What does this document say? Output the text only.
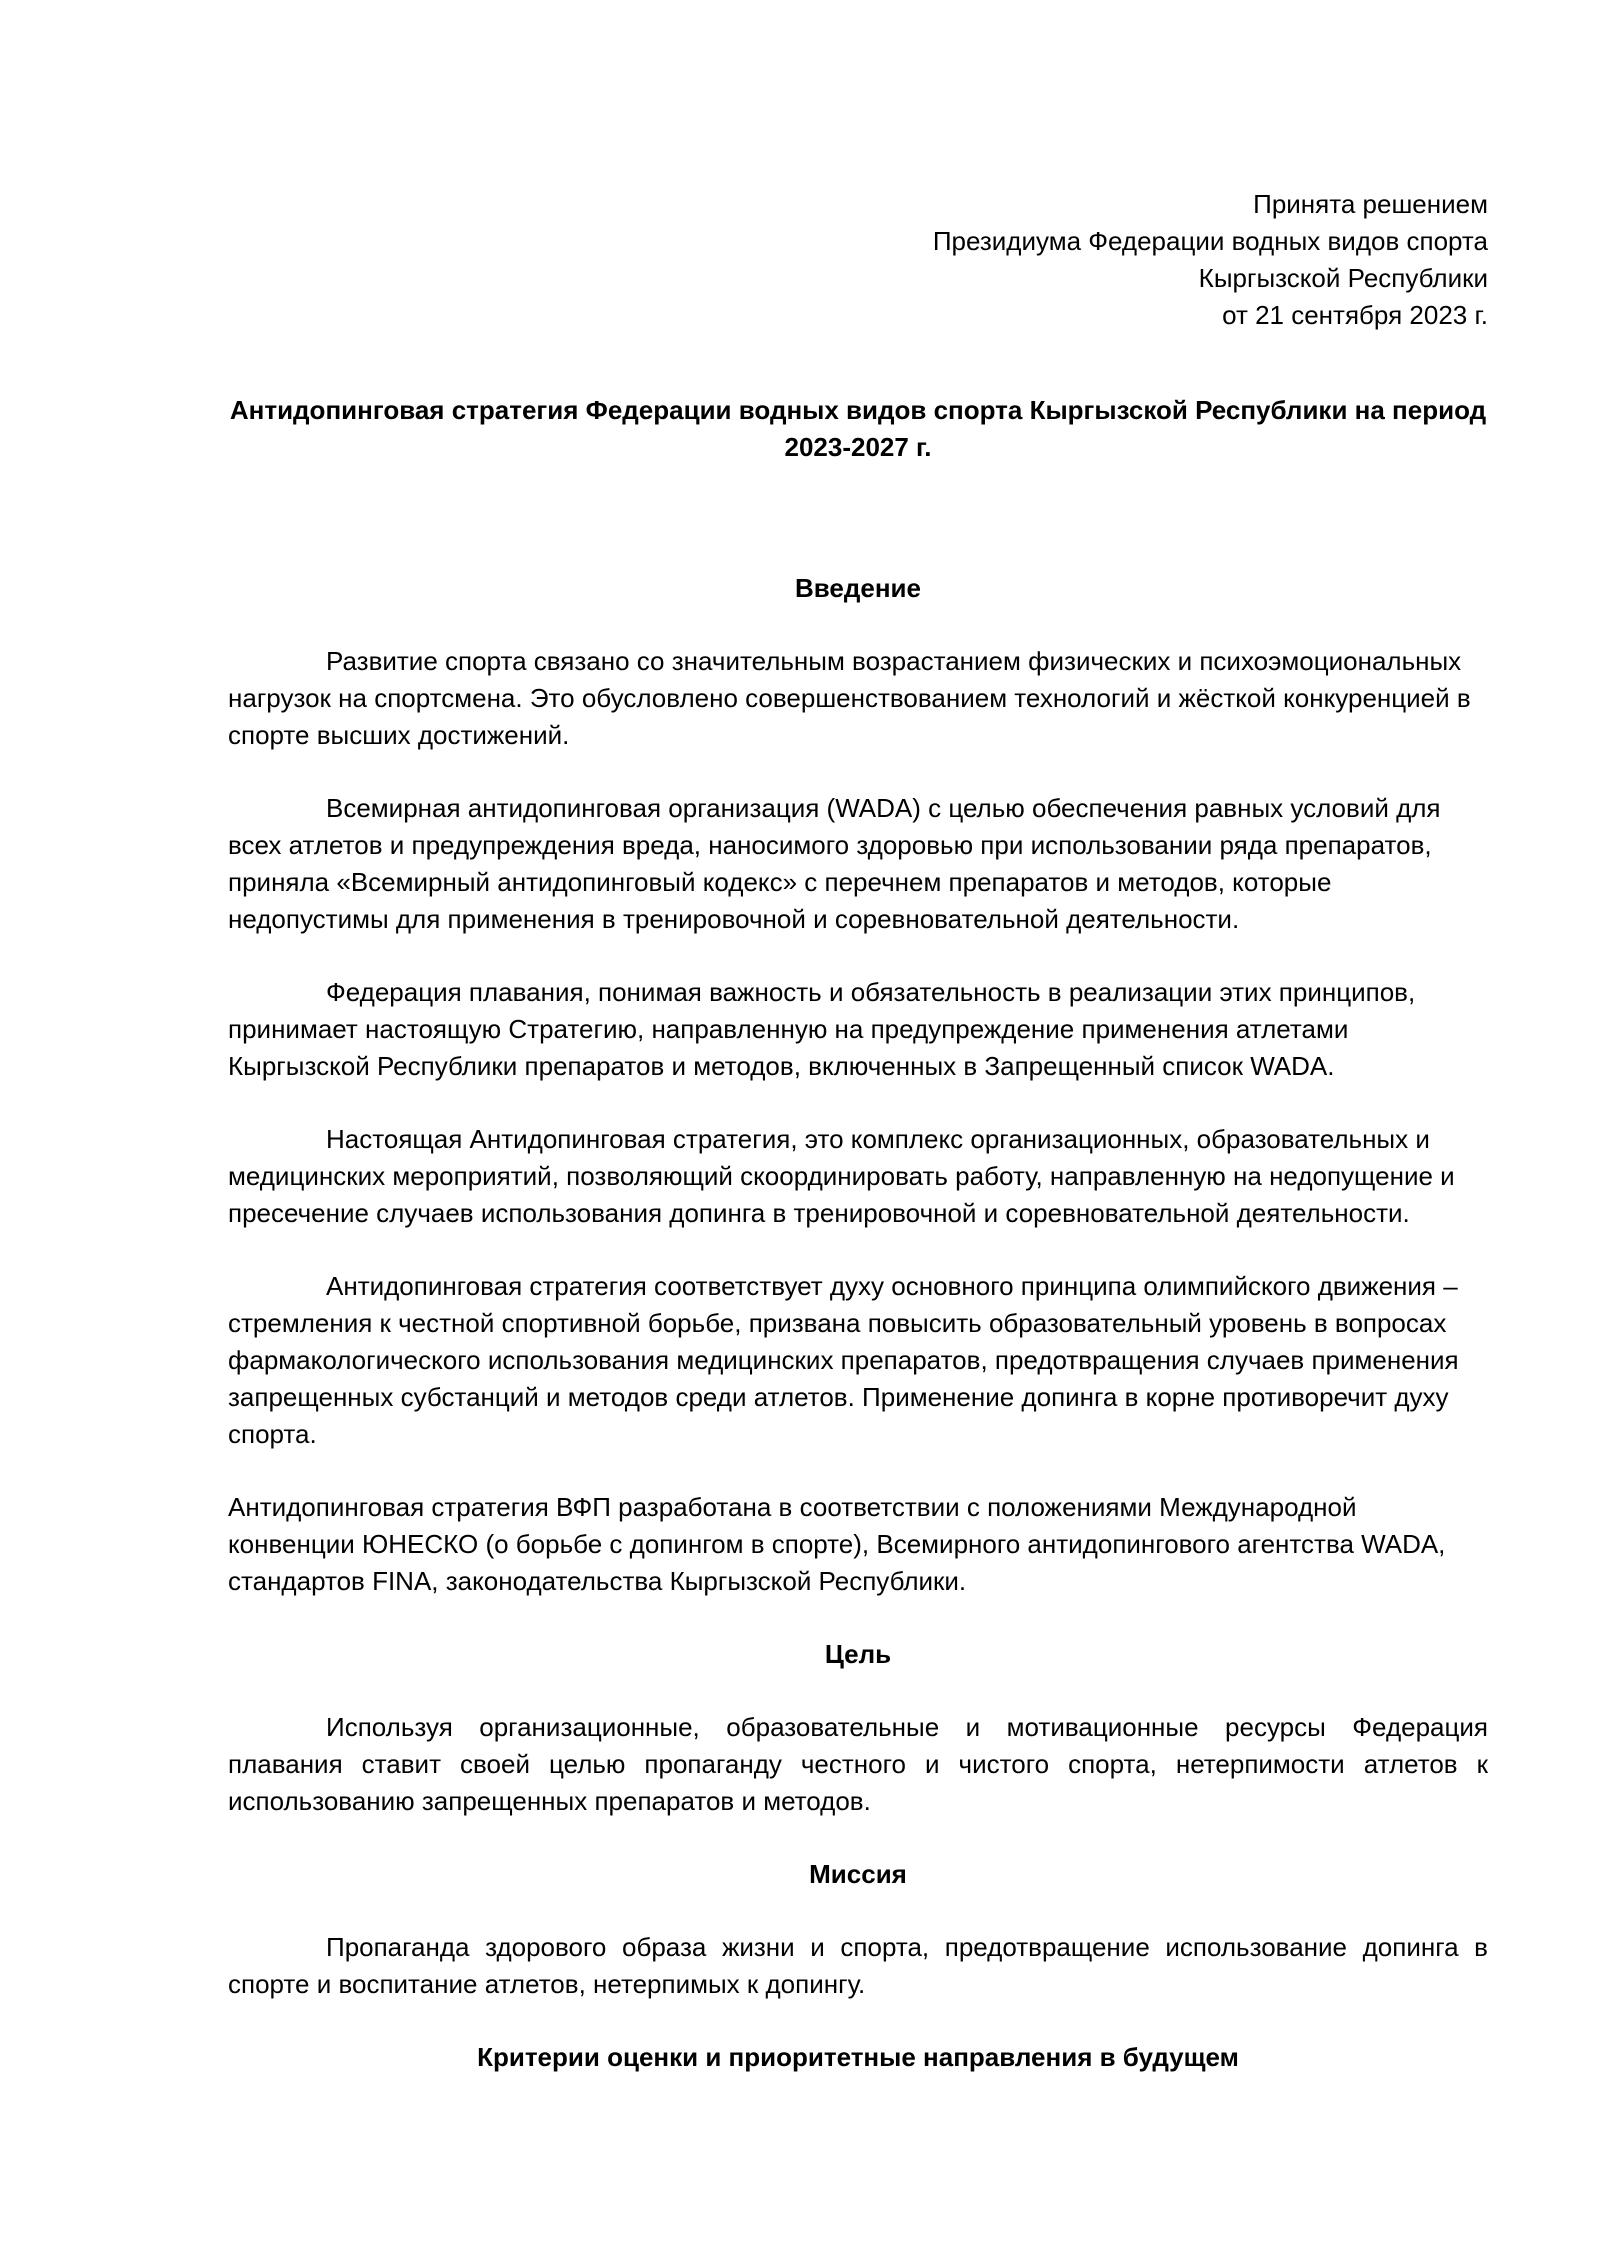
Принята решением
Президиума Федерации водных видов спорта
Кыргызской Республики
от 21 сентября 2023 г.
Антидопинговая стратегия Федерации водных видов спорта Кыргызской Республики на период 2023-2027 г.
Введение

Развитие спорта связано со значительным возрастанием физических и психоэмоциональных нагрузок на спортсмена. Это обусловлено совершенствованием технологий и жёсткой конкуренцией в спорте высших достижений.

Всемирная антидопинговая организация (WADA) с целью обеспечения равных условий для всех атлетов и предупреждения вреда, наносимого здоровью при использовании ряда препаратов, приняла «Всемирный антидопинговый кодекс» с перечнем препаратов и методов, которые недопустимы для применения в тренировочной и соревновательной деятельности.

Федерация плавания, понимая важность и обязательность в реализации этих принципов, принимает настоящую Стратегию, направленную на предупреждение применения атлетами Кыргызской Республики препаратов и методов, включенных в Запрещенный список WADA.

Настоящая Антидопинговая стратегия, это комплекс организационных, образовательных и медицинских мероприятий, позволяющий скоординировать работу, направленную на недопущение и пресечение случаев использования допинга в тренировочной и соревновательной деятельности.

Антидопинговая стратегия соответствует духу основного принципа олимпийского движения – стремления к честной спортивной борьбе, призвана повысить образовательный уровень в вопросах фармакологического использования медицинских препаратов, предотвращения случаев применения запрещенных субстанций и методов среди атлетов. Применение допинга в корне противоречит духу спорта.

Антидопинговая стратегия ВФП разработана в соответствии с положениями Международной конвенции ЮНЕСКО (о борьбе с допингом в спорте), Всемирного антидопингового агентства WADA, стандартов FINA, законодательства Кыргызской Республики.

Цель

Используя организационные, образовательные и мотивационные ресурсы Федерация плавания ставит своей целью пропаганду честного и чистого спорта, нетерпимости атлетов к использованию запрещенных препаратов и методов.

Миссия

Пропаганда здорового образа жизни и спорта, предотвращение использование допинга в спорте и воспитание атлетов, нетерпимых к допингу.

Критерии оценки и приоритетные направления в будущем
